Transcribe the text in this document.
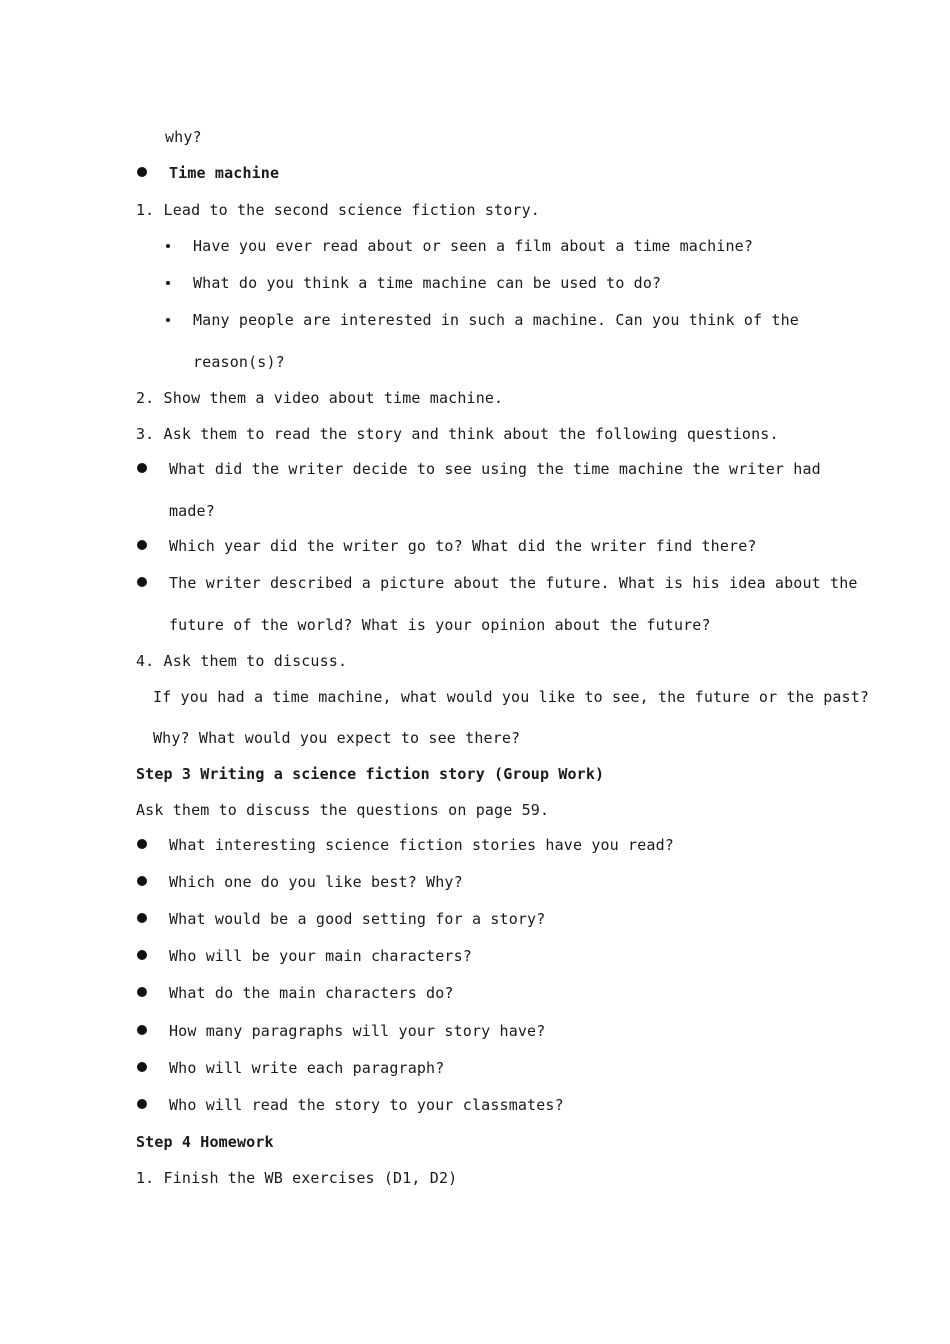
why?
Time machine
1. Lead to the second science fiction story.
Have you ever read about or seen a film about a time machine?
What do you think a time machine can be used to do?
Many people are interested in such a machine. Can you think of the
reason(s)?
2. Show them a video about time machine.
3. Ask them to read the story and think about the following questions.
What did the writer decide to see using the time machine the writer had
made?
Which year did the writer go to? What did the writer find there?
The writer described a picture about the future. What is his idea about the
future of the world? What is your opinion about the future?
4. Ask them to discuss.
If you had a time machine, what would you like to see, the future or the past?
Why? What would you expect to see there?
Step 3 Writing a science fiction story (Group Work)
Ask them to discuss the questions on page 59.
What interesting science fiction stories have you read?
Which one do you like best? Why?
What would be a good setting for a story?
Who will be your main characters?
What do the main characters do?
How many paragraphs will your story have?
Who will write each paragraph?
Who will read the story to your classmates?
Step 4 Homework
1. Finish the WB exercises (D1, D2)
